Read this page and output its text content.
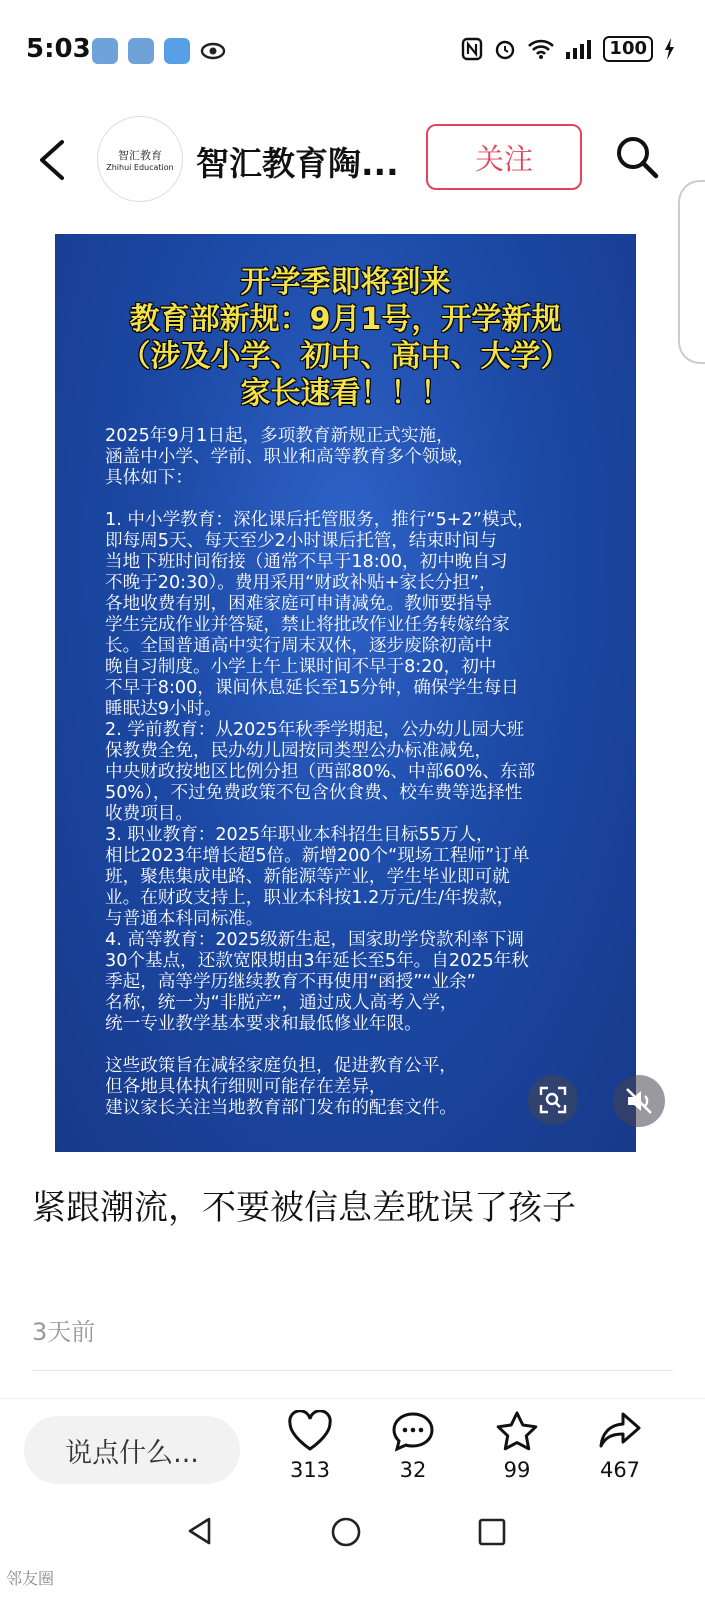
5:03	100
智汇教育
Zhihui Education 智汇教育陶...	关注
开学季即将到来
教育部新规：9月1号，开学新规
（涉及小学、初中、高中、大学）
家长速看！！！
2025年9月1日起，多项教育新规正式实施，
涵盖中小学、学前、职业和高等教育多个领域，
具体如下：

1. 中小学教育：深化课后托管服务，推行“5+2”模式，
即每周5天、每天至少2小时课后托管，结束时间与
当地下班时间衔接（通常不早于18:00，初中晚自习
不晚于20:30）。费用采用“财政补贴+家长分担”，
各地收费有别，困难家庭可申请减免。教师要指导
学生完成作业并答疑，禁止将批改作业任务转嫁给家
长。全国普通高中实行周末双休，逐步废除初高中
晚自习制度。小学上午上课时间不早于8:20，初中
不早于8:00，课间休息延长至15分钟，确保学生每日
睡眠达9小时。
2. 学前教育：从2025年秋季学期起，公办幼儿园大班
保教费全免，民办幼儿园按同类型公办标准减免，
中央财政按地区比例分担（西部80%、中部60%、东部
50%），不过免费政策不包含伙食费、校车费等选择性
收费项目。
3. 职业教育：2025年职业本科招生目标55万人，
相比2023年增长超5倍。新增200个“现场工程师”订单
班，聚焦集成电路、新能源等产业，学生毕业即可就
业。在财政支持上，职业本科按1.2万元/生/年拨款，
与普通本科同标准。
4. 高等教育：2025级新生起，国家助学贷款利率下调
30个基点，还款宽限期由3年延长至5年。自2025年秋
季起，高等学历继续教育不再使用“函授”“业余”
名称，统一为“非脱产”，通过成人高考入学，
统一专业教学基本要求和最低修业年限。

这些政策旨在减轻家庭负担，促进教育公平，
但各地具体执行细则可能存在差异，
建议家长关注当地教育部门发布的配套文件。
紧跟潮流，不要被信息差耽误了孩子
3天前
说点什么...
313	32	99	467
邻友圈
